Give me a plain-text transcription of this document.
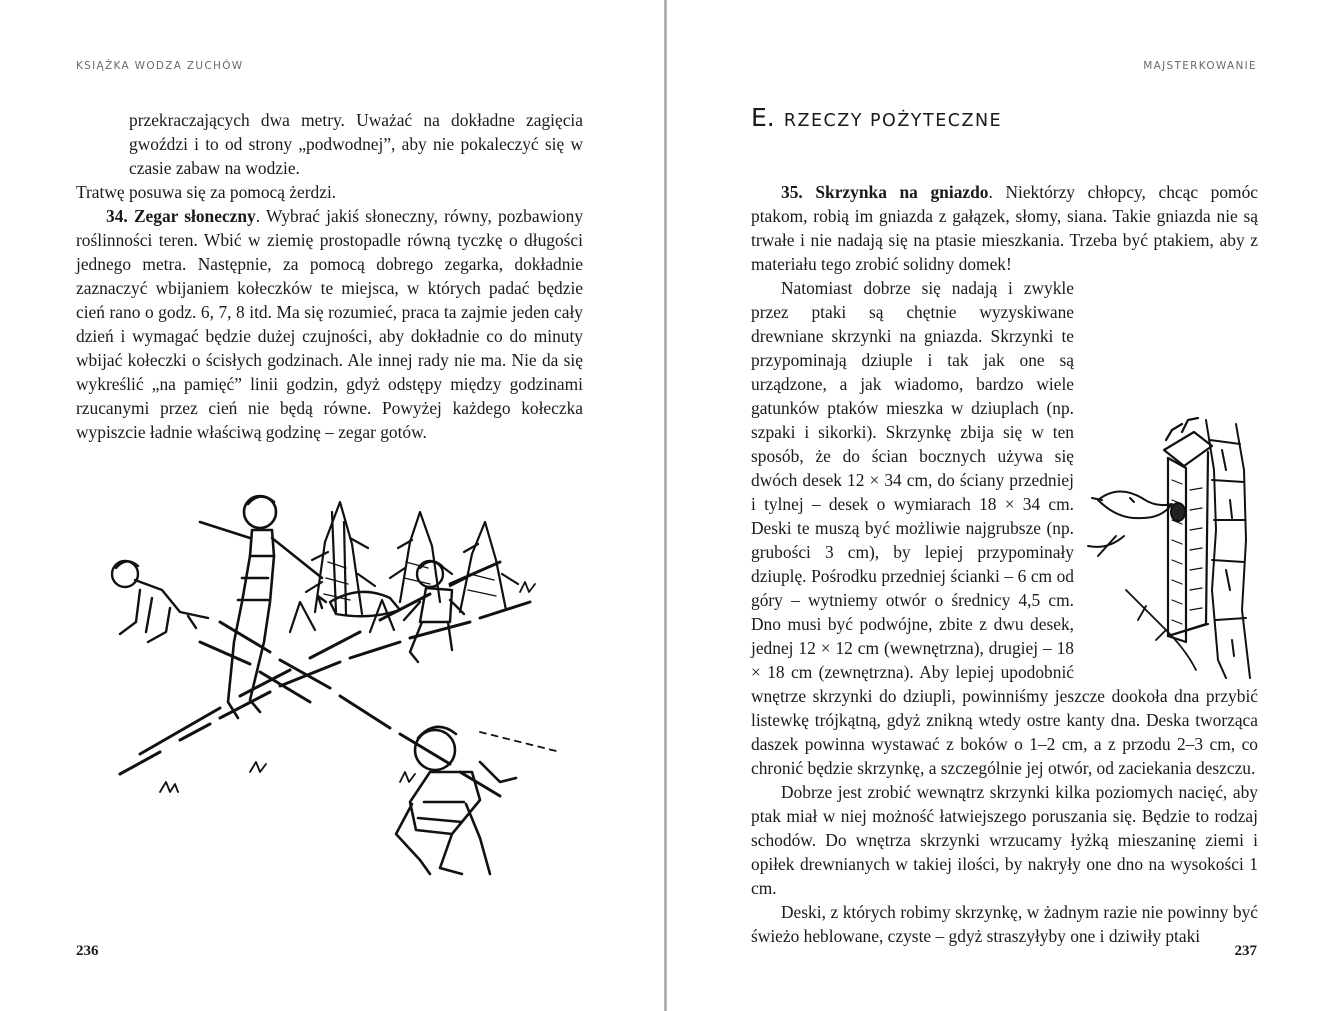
KSIĄŻKA WODZA ZUCHÓW

przekraczających dwa metry. Uważać na dokładne zagięcia gwoździ i to od strony „podwodnej”, aby nie pokaleczyć się w czasie zabaw na wodzie.

Tratwę posuwa się za pomocą żerdzi.

34. Zegar słoneczny. Wybrać jakiś słoneczny, równy, pozbawiony roślinności teren. Wbić w ziemię prostopadle równą tyczkę o długości jednego metra. Następnie, za pomocą dobrego zegarka, dokładnie zaznaczyć wbijaniem kołeczków te miejsca, w których padać będzie cień rano o godz. 6, 7, 8 itd. Ma się rozumieć, praca ta zajmie jeden cały dzień i wymagać będzie dużej czujności, aby dokładnie co do minuty wbijać kołeczki o ścisłych godzinach. Ale innej rady nie ma. Nie da się wykreślić „na pamięć” linii godzin, gdyż odstępy między godzinami rzucanymi przez cień nie będą równe. Powyżej każdego kołeczka wypiszcie ładnie właściwą godzinę – zegar gotów.

236
MAJSTERKOWANIE
E. RZECZY POŻYTECZNE

35. Skrzynka na gniazdo. Niektórzy chłopcy, chcąc pomóc ptakom, robią im gniazda z gałązek, słomy, siana. Takie gniazda nie są trwałe i nie nadają się na ptasie mieszkania. Trzeba być ptakiem, aby z materiału tego zrobić solidny domek!

Natomiast dobrze się nadają i zwykle przez ptaki są chętnie wyzyskiwane drewniane skrzynki na gniazda. Skrzynki te przypominają dziuple i tak jak one są urządzone, a jak wiadomo, bardzo wiele gatunków ptaków mieszka w dziuplach (np. szpaki i sikorki). Skrzynkę zbija się w ten sposób, że do ścian bocznych używa się dwóch desek 12 × 34 cm, do ściany przedniej i tylnej – desek o wymiarach 18 × 34 cm. Deski te muszą być możliwie najgrubsze (np. grubości 3 cm), by lepiej przypominały dziuplę. Pośrodku przedniej ścianki – 6 cm od góry – wytniemy otwór o średnicy 4,5 cm. Dno musi być podwójne, zbite z dwu desek, jednej 12 × 12 cm (wewnętrzna), drugiej – 18 × 18 cm (zewnętrzna). Aby lepiej upodobnić wnętrze skrzynki do dziupli, powinniśmy jeszcze dookoła dna przybić listewkę trójkątną, gdyż znikną wtedy ostre kanty dna. Deska tworząca daszek powinna wystawać z boków o 1–2 cm, a z przodu 2–3 cm, co chronić będzie skrzynkę, a szczególnie jej otwór, od zaciekania deszczu.

Dobrze jest zrobić wewnątrz skrzynki kilka poziomych nacięć, aby ptak miał w niej możność łatwiejszego poruszania się. Będzie to rodzaj schodów. Do wnętrza skrzynki wrzucamy łyżką mieszaninę ziemi i opiłek drewnianych w takiej ilości, by nakryły one dno na wysokości 1 cm.

Deski, z których robimy skrzynkę, w żadnym razie nie powinny być świeżo heblowane, czyste – gdyż straszyłyby one i dziwiły ptaki

237
